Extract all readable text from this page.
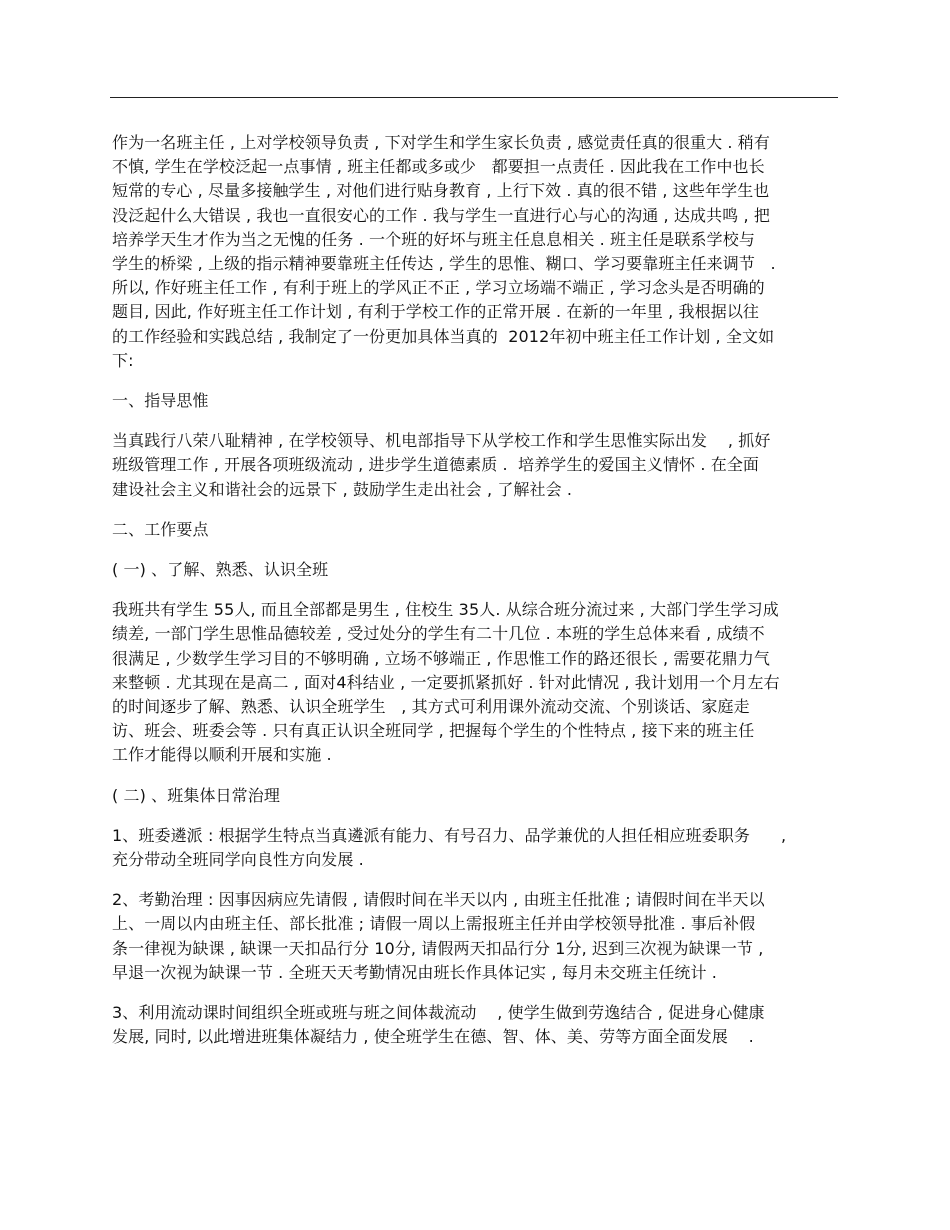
作为一名班主任 , 上对学校领导负责 , 下对学生和学生家长负责 , 感觉责任真的很重大 . 稍有
不慎, 学生在学校泛起一点事情 , 班主任都或多或少   都要担一点责任 . 因此我在工作中也长
短常的专心 , 尽量多接触学生 , 对他们进行贴身教育 , 上行下效 . 真的很不错 , 这些年学生也
没泛起什么大错误 , 我也一直很安心的工作 . 我与学生一直进行心与心的沟通 , 达成共鸣 , 把
培养学天生才作为当之无愧的任务 . 一个班的好坏与班主任息息相关 . 班主任是联系学校与
学生的桥梁 , 上级的指示精神要靠班主任传达 , 学生的思惟、糊口、学习要靠班主任来调节   .
所以, 作好班主任工作 , 有利于班上的学风正不正 , 学习立场端不端正 , 学习念头是否明确的
题目, 因此, 作好班主任工作计划 , 有利于学校工作的正常开展 . 在新的一年里 , 我根据以往
的工作经验和实践总结 , 我制定了一份更加具体当真的  2012年初中班主任工作计划 , 全文如
下:
一、指导思惟
当真践行八荣八耻精神 , 在学校领导、机电部指导下从学校工作和学生思惟实际出发    , 抓好
班级管理工作 , 开展各项班级流动 , 进步学生道德素质 .  培养学生的爱国主义情怀 . 在全面
建设社会主义和谐社会的远景下 , 鼓励学生走出社会 , 了解社会 .
二、工作要点
( 一) 、了解、熟悉、认识全班
我班共有学生 55人, 而且全部都是男生 , 住校生 35人. 从综合班分流过来 , 大部门学生学习成
绩差, 一部门学生思惟品德较差 , 受过处分的学生有二十几位 . 本班的学生总体来看 , 成绩不
很满足 , 少数学生学习目的不够明确 , 立场不够端正 , 作思惟工作的路还很长 , 需要花鼎力气
来整顿 . 尤其现在是高二 , 面对4科结业 , 一定要抓紧抓好 . 针对此情况 , 我计划用一个月左右
的时间逐步了解、熟悉、认识全班学生   , 其方式可利用课外流动交流、个别谈话、家庭走
访、班会、班委会等 . 只有真正认识全班同学 , 把握每个学生的个性特点 , 接下来的班主任
工作才能得以顺利开展和实施 .
( 二) 、班集体日常治理
1、班委遴派 : 根据学生特点当真遴派有能力、有号召力、品学兼优的人担任相应班委职务      ,
充分带动全班同学向良性方向发展 .
2、考勤治理 : 因事因病应先请假 , 请假时间在半天以内 , 由班主任批准 ; 请假时间在半天以
上、一周以内由班主任、部长批准 ; 请假一周以上需报班主任并由学校领导批准 . 事后补假
条一律视为缺课 , 缺课一天扣品行分 10分, 请假两天扣品行分 1分, 迟到三次视为缺课一节 ,
早退一次视为缺课一节 . 全班天天考勤情况由班长作具体记实 , 每月未交班主任统计 .
3、利用流动课时间组织全班或班与班之间体裁流动    , 使学生做到劳逸结合 , 促进身心健康
发展, 同时, 以此增进班集体凝结力 , 使全班学生在德、智、体、美、劳等方面全面发展    .
